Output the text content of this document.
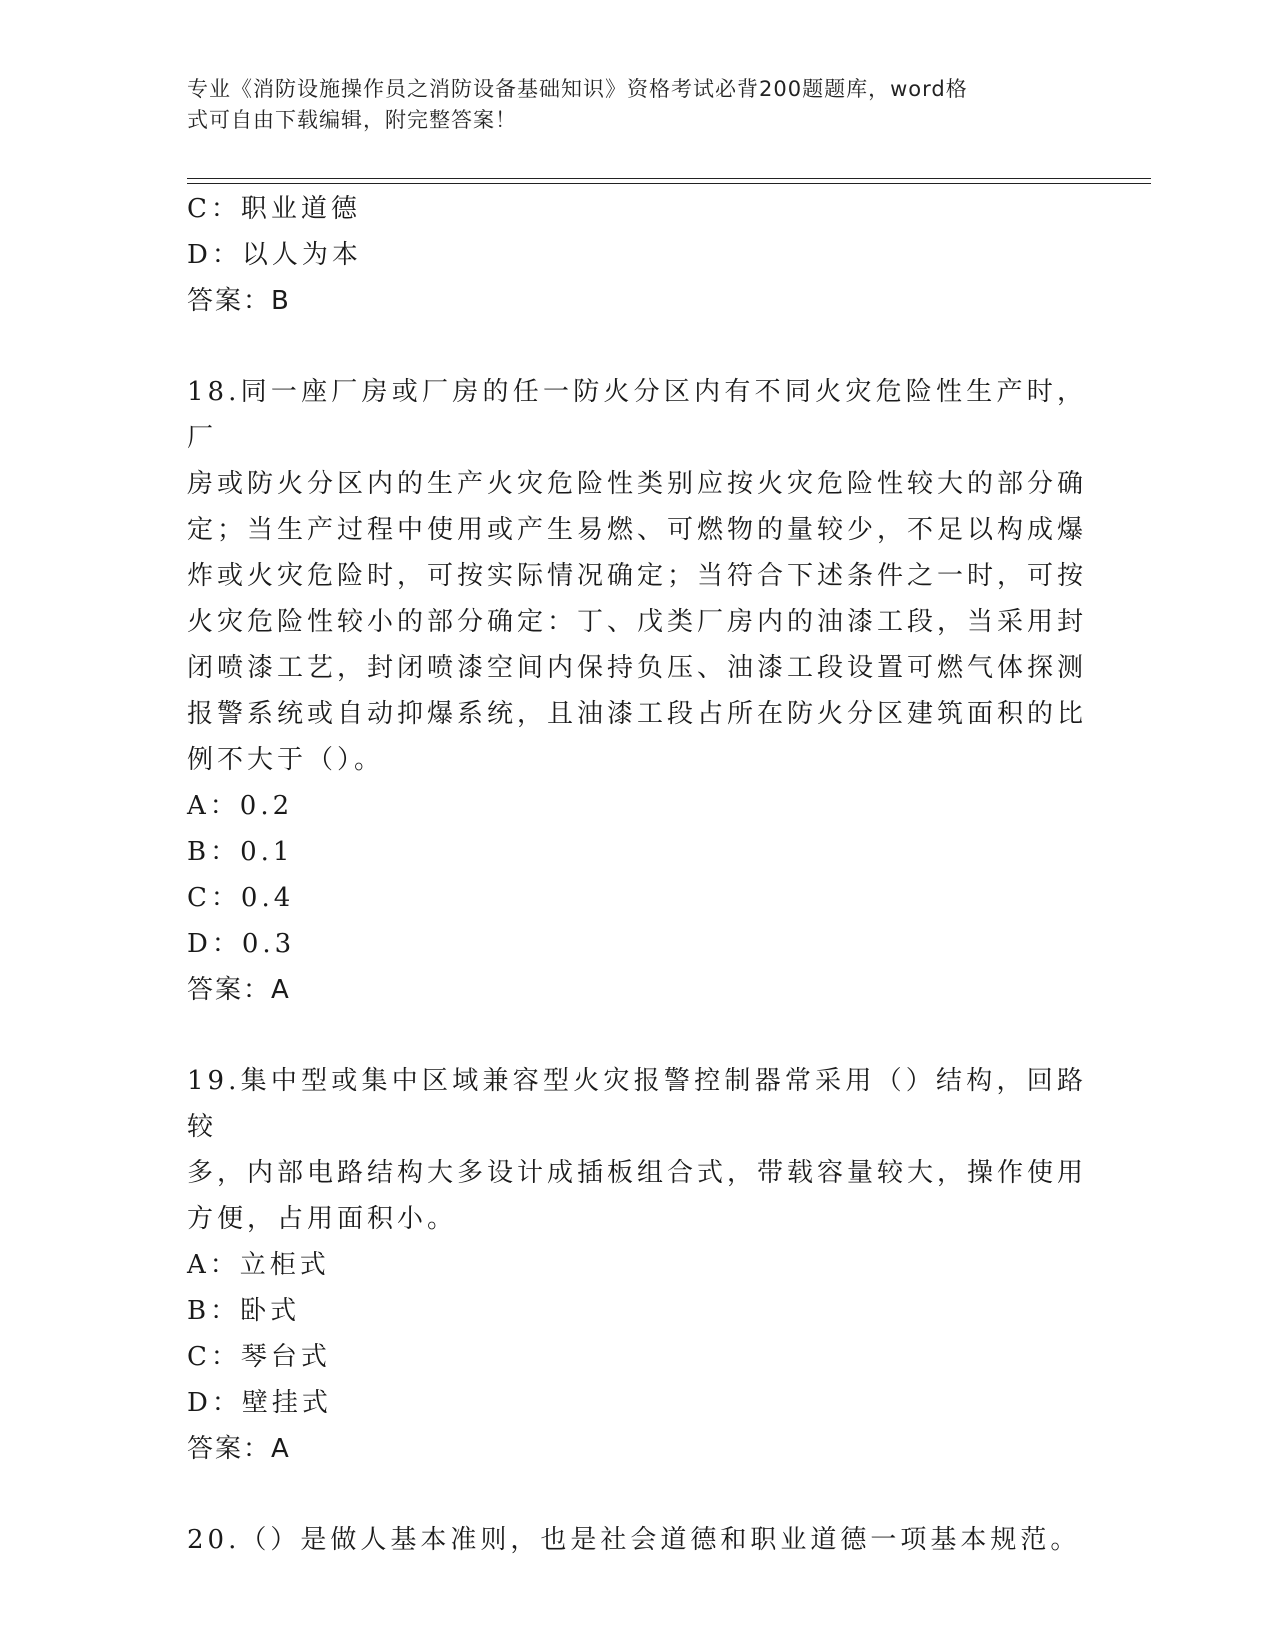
专业《消防设施操作员之消防设备基础知识》资格考试必背200题题库，word格
式可自由下载编辑，附完整答案！
C：职业道德
D：以人为本
答案：B
18.同一座厂房或厂房的任一防火分区内有不同火灾危险性生产时，厂
房或防火分区内的生产火灾危险性类别应按火灾危险性较大的部分确
定；当生产过程中使用或产生易燃、可燃物的量较少，不足以构成爆
炸或火灾危险时，可按实际情况确定；当符合下述条件之一时，可按
火灾危险性较小的部分确定：丁、戊类厂房内的油漆工段，当采用封
闭喷漆工艺，封闭喷漆空间内保持负压、油漆工段设置可燃气体探测
报警系统或自动抑爆系统，且油漆工段占所在防火分区建筑面积的比
例不大于（）。
A：0.2
B：0.1
C：0.4
D：0.3
答案：A
19.集中型或集中区域兼容型火灾报警控制器常采用（）结构，回路较
多，内部电路结构大多设计成插板组合式，带载容量较大，操作使用
方便，占用面积小。
A：立柜式
B：卧式
C：琴台式
D：壁挂式
答案：A
20.（）是做人基本准则，也是社会道德和职业道德一项基本规范。
